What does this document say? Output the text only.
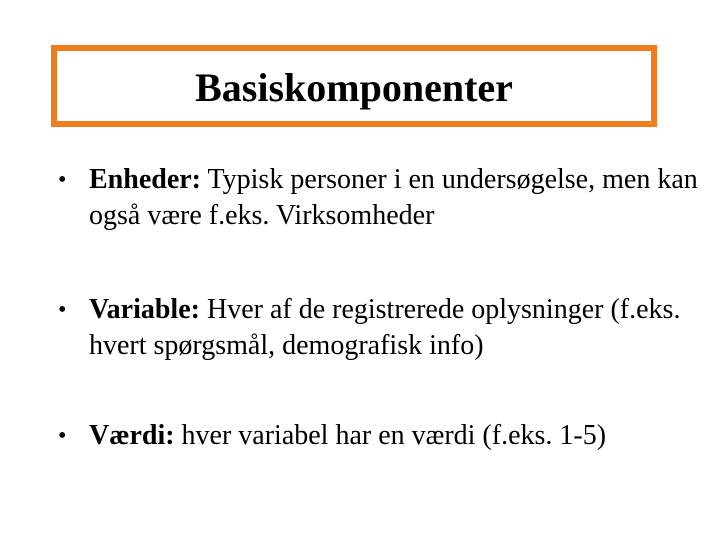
Basiskomponenter
• Enheder: Typisk personer i en undersøgelse, men kan også være f.eks. Virksomheder
• Variable: Hver af de registrerede oplysninger (f.eks. hvert spørgsmål, demografisk info)
• Værdi: hver variabel har en værdi (f.eks. 1-5)
